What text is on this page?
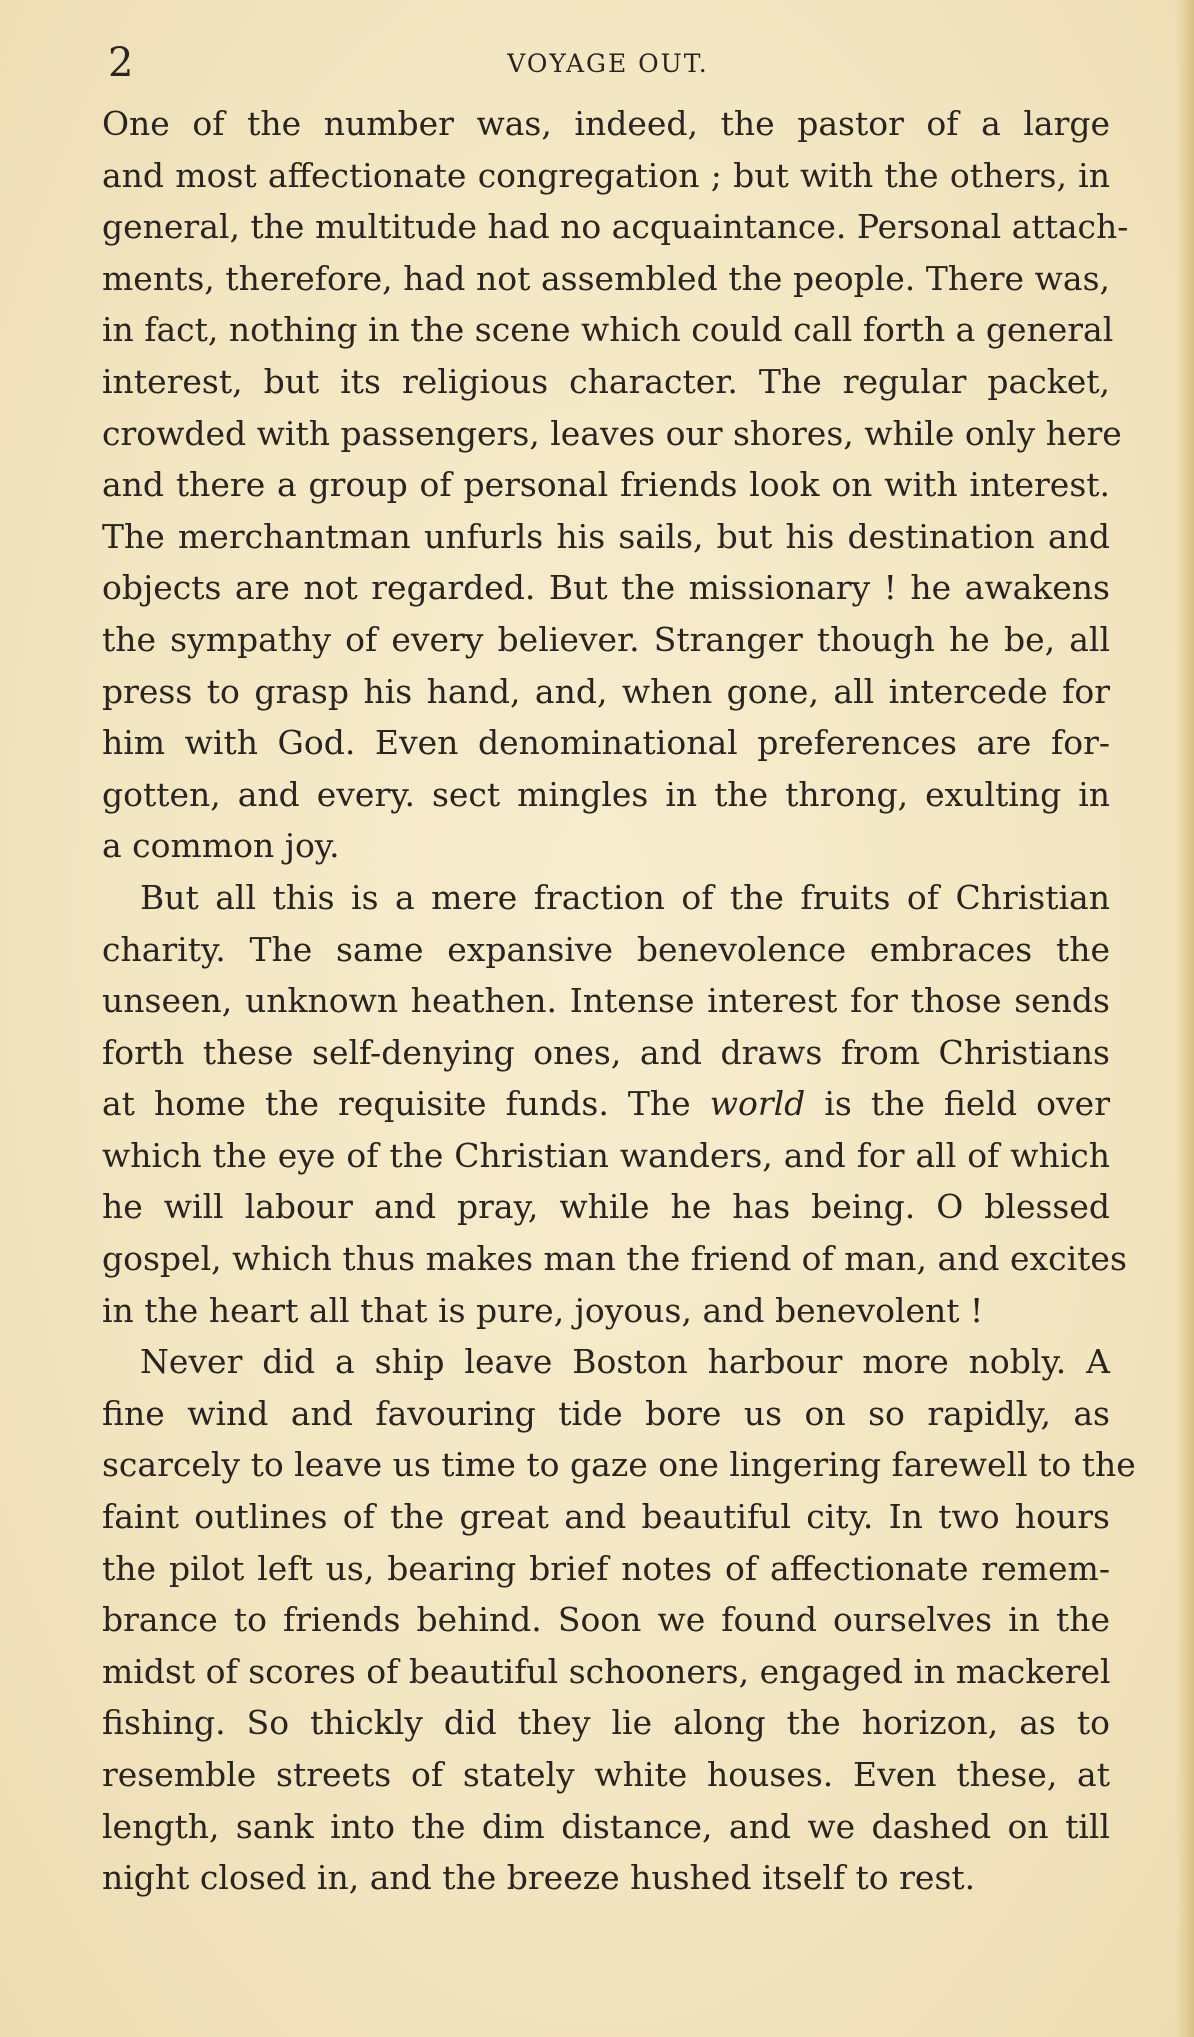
2	VOYAGE OUT.
One of the number was, indeed, the pastor of a large
and most affectionate congregation ; but with the others, in
general, the multitude had no acquaintance. Personal attach-
ments, therefore, had not assembled the people. There was,
in fact, nothing in the scene which could call forth a general
interest, but its religious character. The regular packet,
crowded with passengers, leaves our shores, while only here
and there a group of personal friends look on with interest.
The merchantman unfurls his sails, but his destination and
objects are not regarded. But the missionary ! he awakens
the sympathy of every believer. Stranger though he be, all
press to grasp his hand, and, when gone, all intercede for
him with God. Even denominational preferences are for-
gotten, and every. sect mingles in the throng, exulting in
a common joy.
But all this is a mere fraction of the fruits of Christian
charity. The same expansive benevolence embraces the
unseen, unknown heathen. Intense interest for those sends
forth these self-denying ones, and draws from Christians
at home the requisite funds. The world is the field over
which the eye of the Christian wanders, and for all of which
he will labour and pray, while he has being. O blessed
gospel, which thus makes man the friend of man, and excites
in the heart all that is pure, joyous, and benevolent !
Never did a ship leave Boston harbour more nobly. A
fine wind and favouring tide bore us on so rapidly, as
scarcely to leave us time to gaze one lingering farewell to the
faint outlines of the great and beautiful city. In two hours
the pilot left us, bearing brief notes of affectionate remem-
brance to friends behind. Soon we found ourselves in the
midst of scores of beautiful schooners, engaged in mackerel
fishing. So thickly did they lie along the horizon, as to
resemble streets of stately white houses. Even these, at
length, sank into the dim distance, and we dashed on till
night closed in, and the breeze hushed itself to rest.
